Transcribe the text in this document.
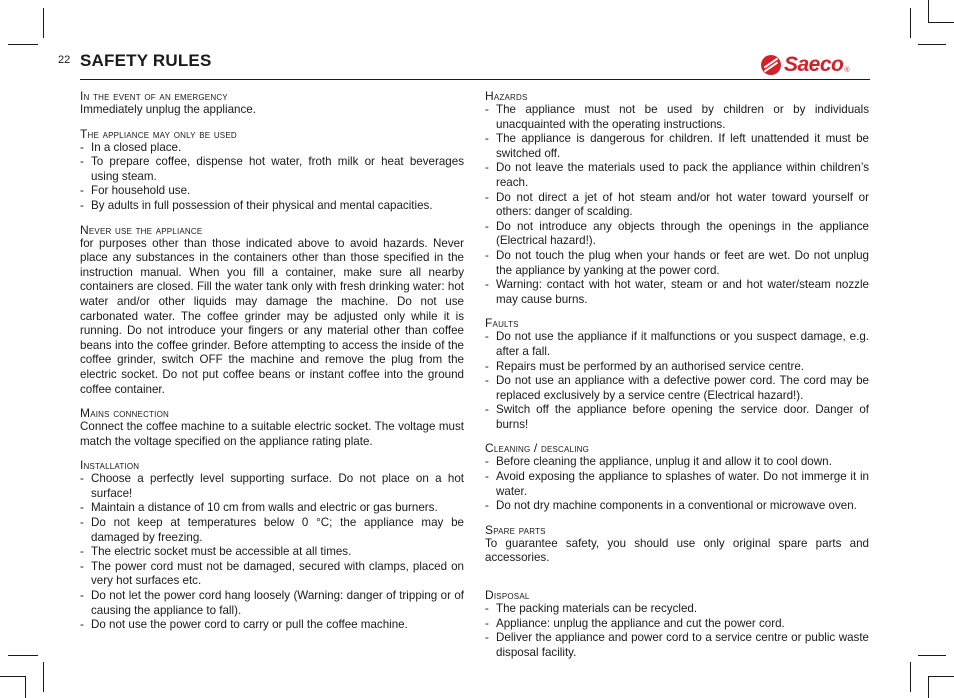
22 SAFETY RULES	Saeco ®
In the event of an emergency
Immediately unplug the appliance.
The appliance may only be used
- In a closed place.
- To prepare coffee, dispense hot water, froth milk or heat beverages using steam.
- For household use.
- By adults in full possession of their physical and mental capacities.
Never use the appliance
for purposes other than those indicated above to avoid hazards. Never place any substances in the containers other than those specified in the instruction manual. When you fill a container, make sure all nearby containers are closed. Fill the water tank only with fresh drinking water: hot water and/or other liquids may damage the machine. Do not use carbonated water. The coffee grinder may be adjusted only while it is running. Do not introduce your fingers or any material other than coffee beans into the coffee grinder. Before attempting to access the inside of the coffee grinder, switch OFF the machine and remove the plug from the electric socket. Do not put coffee beans or instant coffee into the ground coffee container.
Mains connection
Connect the coffee machine to a suitable electric socket. The voltage must match the voltage specified on the appliance rating plate.
Installation
- Choose a perfectly level supporting surface. Do not place on a hot surface!
- Maintain a distance of 10 cm from walls and electric or gas burners.
- Do not keep at temperatures below 0 °C; the appliance may be damaged by freezing.
- The electric socket must be accessible at all times.
- The power cord must not be damaged, secured with clamps, placed on very hot surfaces etc.
- Do not let the power cord hang loosely (Warning: danger of tripping or of causing the appliance to fall).
- Do not use the power cord to carry or pull the coffee machine.
Hazards
- The appliance must not be used by children or by individuals unacquainted with the operating instructions.
- The appliance is dangerous for children. If left unattended it must be switched off.
- Do not leave the materials used to pack the appliance within children’s reach.
- Do not direct a jet of hot steam and/or hot water toward yourself or others: danger of scalding.
- Do not introduce any objects through the openings in the appliance (Electrical hazard!).
- Do not touch the plug when your hands or feet are wet. Do not unplug the appliance by yanking at the power cord.
- Warning: contact with hot water, steam or and hot water/steam nozzle may cause burns.
Faults
- Do not use the appliance if it malfunctions or you suspect damage, e.g. after a fall.
- Repairs must be performed by an authorised service centre.
- Do not use an appliance with a defective power cord. The cord may be replaced exclusively by a service centre (Electrical hazard!).
- Switch off the appliance before opening the service door. Danger of burns!
Cleaning / descaling
- Before cleaning the appliance, unplug it and allow it to cool down.
- Avoid exposing the appliance to splashes of water. Do not immerge it in water.
- Do not dry machine components in a conventional or microwave oven.
Spare parts
To guarantee safety, you should use only original spare parts and accessories.
Disposal
- The packing materials can be recycled.
- Appliance: unplug the appliance and cut the power cord.
- Deliver the appliance and power cord to a service centre or public waste disposal facility.
